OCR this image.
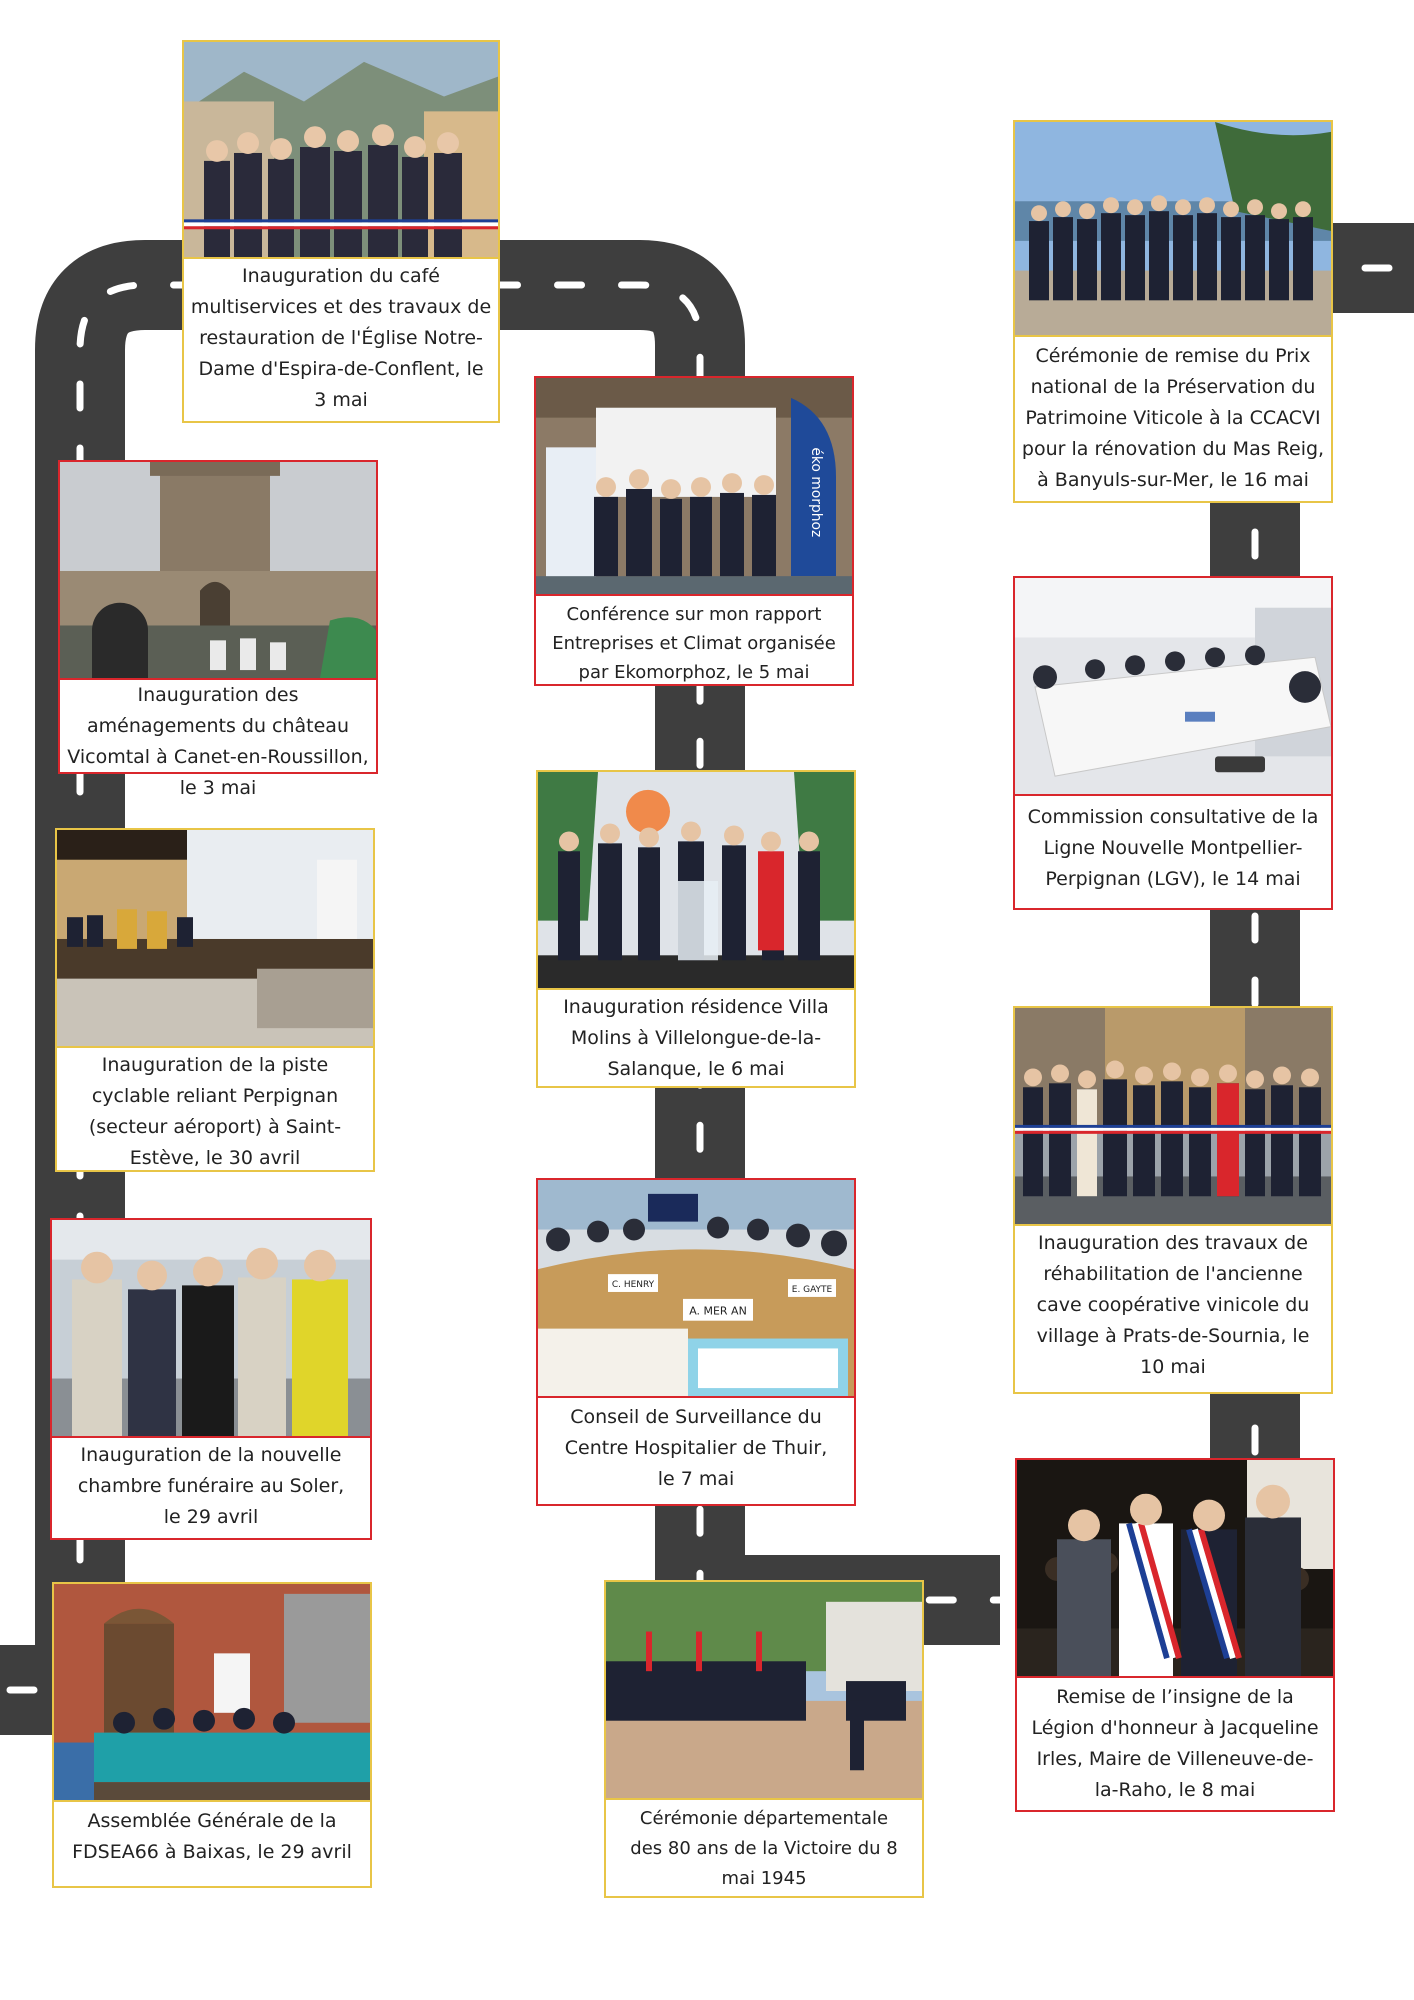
Inauguration du café multiservices et des travaux de restauration de l'Église Notre-Dame d'Espira-de-Conflent, le 3 mai
Cérémonie de remise du Prix national de la Préservation du Patrimoine Viticole à la CCACVI pour la rénovation du Mas Reig, à Banyuls-sur-Mer, le 16 mai
Inauguration des aménagements du château Vicomtal à Canet-en-Roussillon, le 3 mai
éko morphoz
Conférence sur mon rapport Entreprises et Climat organisée par Ekomorphoz, le 5 mai
Commission consultative de la Ligne Nouvelle Montpellier-Perpignan (LGV), le 14 mai
Inauguration de la piste cyclable reliant Perpignan (secteur aéroport) à Saint-Estève, le 30 avril
Inauguration résidence Villa Molins à Villelongue-de-la-Salanque, le 6 mai
Inauguration des travaux de réhabilitation de l'ancienne cave coopérative vinicole du village à Prats-de-Sournia, le 10 mai
Inauguration de la nouvelle chambre funéraire au Soler, le 29 avril
C. HENRY
A. MER AN
E. GAYTE
Conseil de Surveillance du Centre Hospitalier de Thuir, le 7 mai
Remise de l’insigne de la Légion d'honneur à Jacqueline Irles, Maire de Villeneuve-de-la-Raho, le 8 mai
Assemblée Générale de la FDSEA66 à Baixas, le 29 avril
Cérémonie départementale des 80 ans de la Victoire du 8 mai 1945
